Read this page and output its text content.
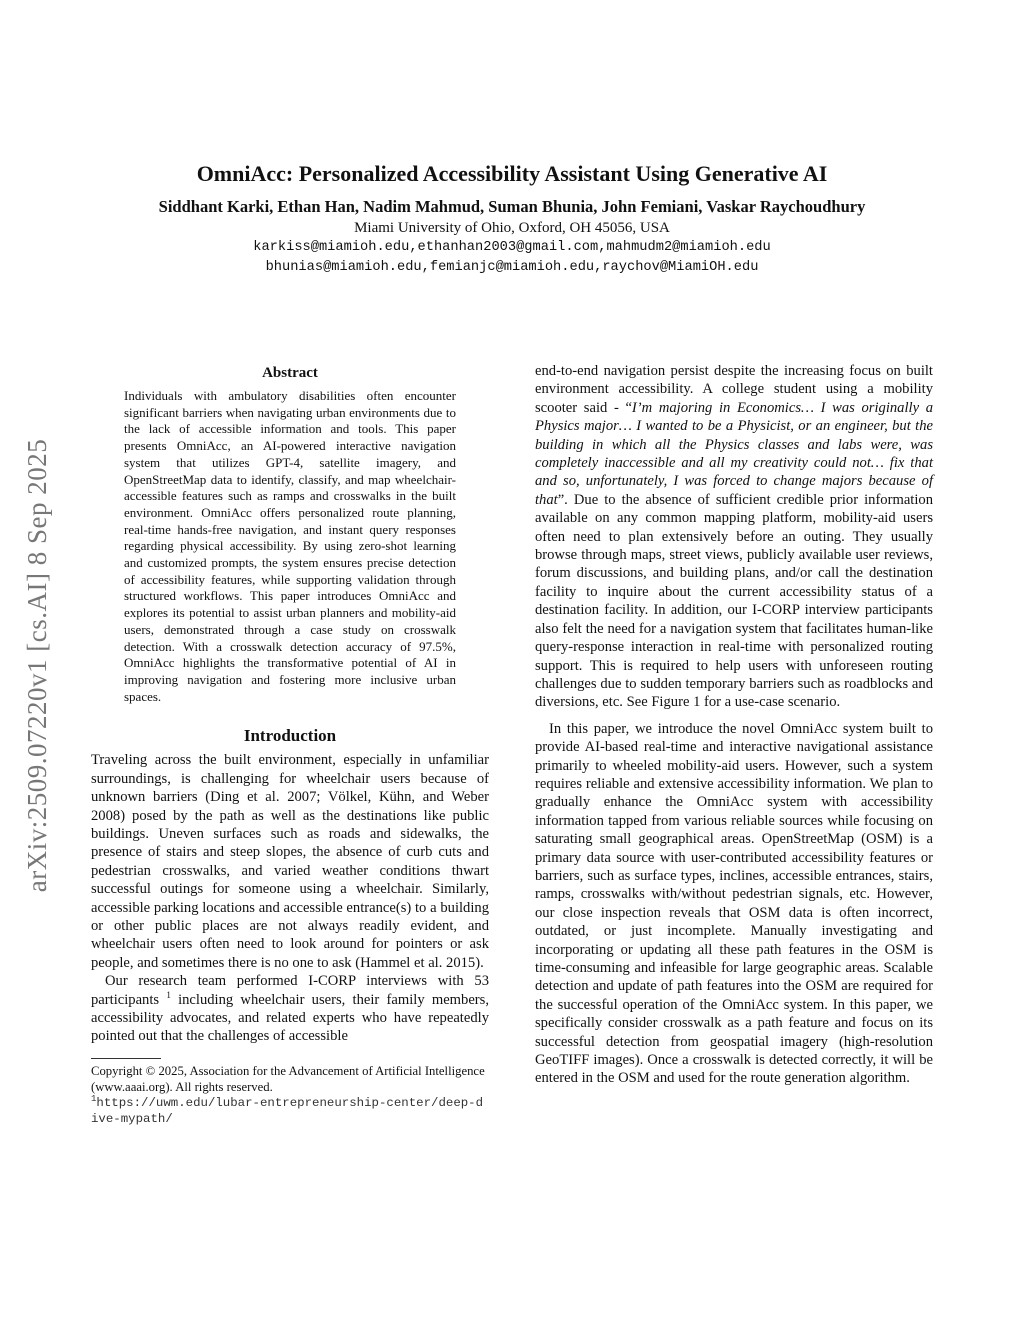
arXiv:2509.07220v1 [cs.AI] 8 Sep 2025
OmniAcc: Personalized Accessibility Assistant Using Generative AI

Siddhant Karki, Ethan Han, Nadim Mahmud, Suman Bhunia, John Femiani, Vaskar Raychoudhury

Miami University of Ohio, Oxford, OH 45056, USA

karkiss@miamioh.edu,ethanhan2003@gmail.com,mahmudm2@miamioh.edu

bhunias@miamioh.edu,femianjc@miamioh.edu,raychov@MiamiOH.edu

Abstract

Individuals with ambulatory disabilities often encounter significant barriers when navigating urban environments due to the lack of accessible information and tools. This paper presents OmniAcc, an AI-powered interactive navigation system that utilizes GPT-4, satellite imagery, and OpenStreetMap data to identify, classify, and map wheelchair-accessible features such as ramps and crosswalks in the built environment. OmniAcc offers personalized route planning, real-time hands-free navigation, and instant query responses regarding physical accessibility. By using zero-shot learning and customized prompts, the system ensures precise detection of accessibility features, while supporting validation through structured workflows. This paper introduces OmniAcc and explores its potential to assist urban planners and mobility-aid users, demonstrated through a case study on crosswalk detection. With a crosswalk detection accuracy of 97.5%, OmniAcc highlights the transformative potential of AI in improving navigation and fostering more inclusive urban spaces.

Introduction

Traveling across the built environment, especially in unfamiliar surroundings, is challenging for wheelchair users because of unknown barriers (Ding et al. 2007; Völkel, Kühn, and Weber 2008) posed by the path as well as the destinations like public buildings. Uneven surfaces such as roads and sidewalks, the presence of stairs and steep slopes, the absence of curb cuts and pedestrian crosswalks, and varied weather conditions thwart successful outings for someone using a wheelchair. Similarly, accessible parking locations and accessible entrance(s) to a building or other public places are not always readily evident, and wheelchair users often need to look around for pointers or ask people, and sometimes there is no one to ask (Hammel et al. 2015).

Our research team performed I-CORP interviews with 53 participants $^1$ including wheelchair users, their family members, accessibility advocates, and related experts who have repeatedly pointed out that the challenges of accessible

Copyright © 2025, Association for the Advancement of Artificial Intelligence (www.aaai.org). All rights reserved.

$^1$https://uwm.edu/lubar-entrepreneurship-center/deep-dive-mypath/

end-to-end navigation persist despite the increasing focus on built environment accessibility. A college student using a mobility scooter said - “I’m majoring in Economics… I was originally a Physics major… I wanted to be a Physicist, or an engineer, but the building in which all the Physics classes and labs were, was completely inaccessible and all my creativity could not… fix that and so, unfortunately, I was forced to change majors because of that”. Due to the absence of sufficient credible prior information available on any common mapping platform, mobility-aid users often need to plan extensively before an outing. They usually browse through maps, street views, publicly available user reviews, forum discussions, and building plans, and/or call the destination facility to inquire about the current accessibility status of a destination facility. In addition, our I-CORP interview participants also felt the need for a navigation system that facilitates human-like query-response interaction in real-time with personalized routing support. This is required to help users with unforeseen routing challenges due to sudden temporary barriers such as roadblocks and diversions, etc. See Figure 1 for a use-case scenario.

In this paper, we introduce the novel OmniAcc system built to provide AI-based real-time and interactive navigational assistance primarily to wheeled mobility-aid users. However, such a system requires reliable and extensive accessibility information. We plan to gradually enhance the OmniAcc system with accessibility information tapped from various reliable sources while focusing on saturating small geographical areas. OpenStreetMap (OSM) is a primary data source with user-contributed accessibility features or barriers, such as surface types, inclines, accessible entrances, stairs, ramps, crosswalks with/without pedestrian signals, etc. However, our close inspection reveals that OSM data is often incorrect, outdated, or just incomplete. Manually investigating and incorporating or updating all these path features in the OSM is time-consuming and infeasible for large geographic areas. Scalable detection and update of path features into the OSM are required for the successful operation of the OmniAcc system. In this paper, we specifically consider crosswalk as a path feature and focus on its successful detection from geospatial imagery (high-resolution GeoTIFF images). Once a crosswalk is detected correctly, it will be entered in the OSM and used for the route generation algorithm.
